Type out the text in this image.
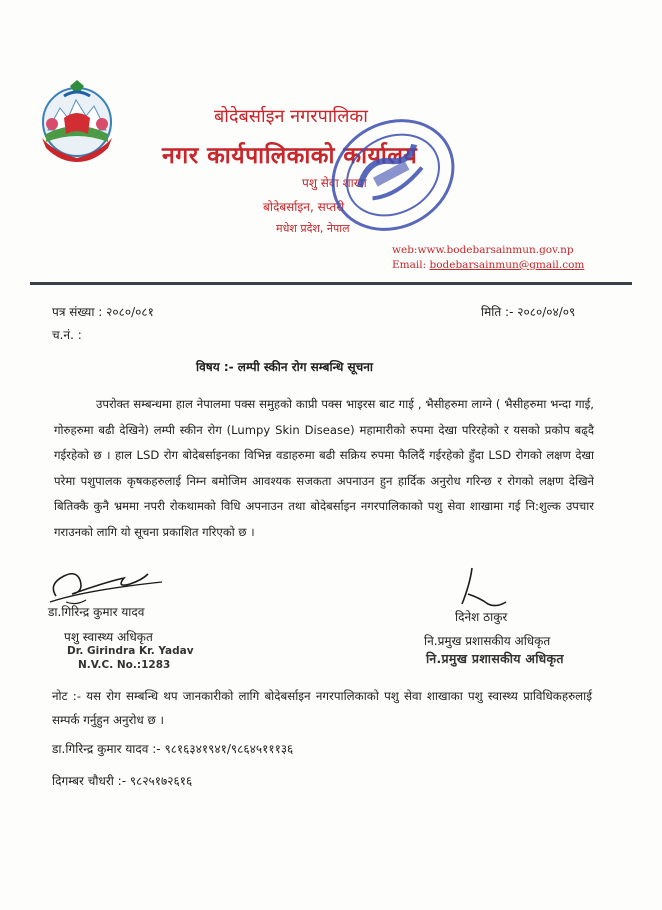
बोदेबर्साइन नगरपालिका
नगर कार्यपालिकाको कार्यालय
पशु सेवा शाखा
बोदेबर्साइन, सप्तरी
मधेश प्रदेश, नेपाल
web:www.bodebarsainmun.gov.np
Email: bodebarsainmun@gmail.com
पत्र संख्या : २०८०/०८१	मिति :- २०८०/०४/०९
च.नं. :
विषय :- लम्पी स्कीन रोग सम्बन्धि सूचना
उपरोक्त सम्बन्धमा हाल नेपालमा पक्स समुहको काप्री पक्स भाइरस बाट गाई , भैसीहरुमा लाग्ने ( भैसीहरुमा भन्दा गाई, गोरुहरुमा बढी देखिने) लम्पी स्कीन रोग (Lumpy Skin Disease) महामारीको रुपमा देखा परिरहेको र यसको प्रकोप बढ्दै गईरहेको छ । हाल LSD रोग बोदेबर्साइनका विभिन्न वडाहरुमा बढी सक्रिय रुपमा फैलिदैं गईरहेको हुँदा LSD रोगको लक्षण देखा परेमा पशुपालक कृषकहरुलाई निम्न बमोजिम आवश्यक सजकता अपनाउन हुन हार्दिक अनुरोध गरिन्छ र रोगको लक्षण देखिने बितिक्कै कुनै भ्रममा नपरी रोकथामको विधि अपनाउन तथा बोदेबर्साइन नगरपालिकाको पशु सेवा शाखामा गई नि:शुल्क उपचार गराउनको लागि यो सूचना प्रकाशित गरिएको छ ।
डा.गिरिन्द्र कुमार यादव
पशु स्वास्थ्य अधिकृत
Dr. Girindra Kr. Yadav
N.V.C. No.:1283
दिनेश ठाकुर
नि.प्रमुख प्रशासकीय अधिकृत
नि.प्रमुख प्रशासकीय अधिकृत
नोट :- यस रोग सम्बन्धि थप जानकारीको लागि बोदेबर्साइन नगरपालिकाको पशु सेवा शाखाका पशु स्वास्थ्य प्राविधिकहरुलाई सम्पर्क गर्नुहुन अनुरोध छ ।
डा.गिरिन्द्र कुमार यादव :- ९८१६३४१९४१/९८६४५१११३६
दिगम्बर चौधरी :- ९८२५१७२६१६
